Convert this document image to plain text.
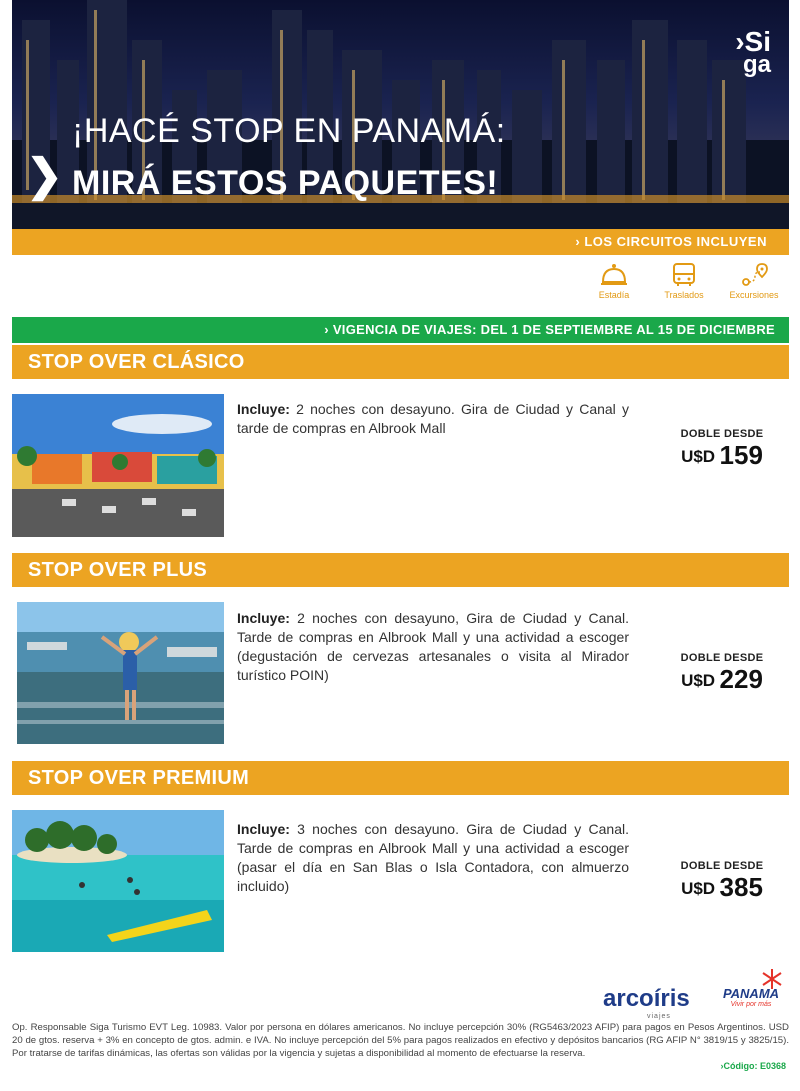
¡HACÉ STOP EN PANAMÁ:
❯ MIRÁ ESTOS PAQUETES!
›Si
ga
› LOS CIRCUITOS INCLUYEN
Estadía	Traslados	Excursiones
› VIGENCIA DE VIAJES: DEL 1 DE SEPTIEMBRE AL 15 DE DICIEMBRE
STOP OVER CLÁSICO
Incluye: 2 noches con desayuno. Gira de Ciudad y Canal y tarde de compras en Albrook Mall	DOBLE DESDE
U$D 159
STOP OVER PLUS
Incluye: 2 noches con desayuno, Gira de Ciudad y Canal. Tarde de compras en Albrook Mall y una actividad a escoger (degustación de cervezas artesanales o visita al Mirador turístico POIN)
DOBLE DESDE
U$D 229
STOP OVER PREMIUM
Incluye: 3 noches con desayuno. Gira de Ciudad y Canal. Tarde de compras en Albrook Mall y una actividad a escoger (pasar el día en San Blas o Isla Contadora, con almuerzo incluido)
DOBLE DESDE
U$D 385
arcoíris
viajes
PANAMA
Vivir por más
Op. Responsable Siga Turismo EVT Leg. 10983. Valor por persona en dólares americanos. No incluye percepción 30% (RG5463/2023 AFIP) para pagos en Pesos Argentinos. USD 20 de gtos. reserva + 3% en concepto de gtos. admin. e IVA. No incluye percepción del 5% para pagos realizados en efectivo y depósitos bancarios (RG AFIP N° 3819/15 y 3825/15). Por tratarse de tarifas dinámicas, las ofertas son válidas por la vigencia y sujetas a disponibilidad al momento de efectuarse la reserva.
›Código: E0368
